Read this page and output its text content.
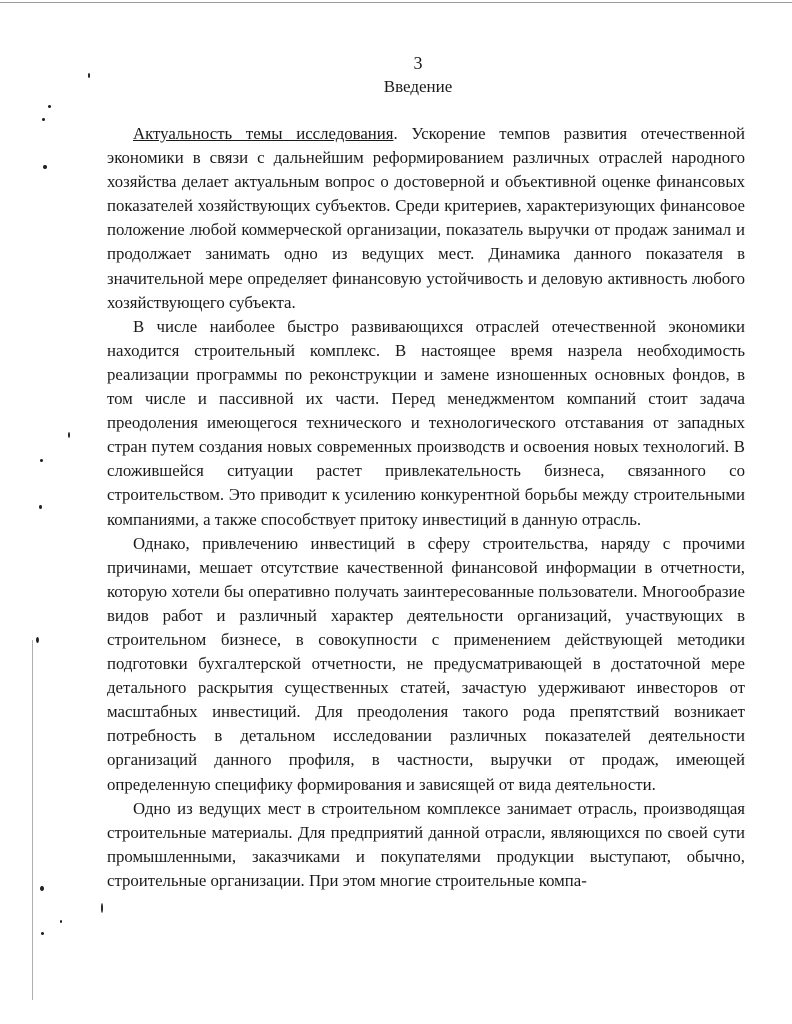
3
Введение

Актуальность темы исследования. Ускорение темпов развития отечественной экономики в связи с дальнейшим реформированием различных отраслей народного хозяйства делает актуальным вопрос о достоверной и объективной оценке финансовых показателей хозяйствующих субъектов. Среди критериев, характеризующих финансовое положение любой коммерческой организации, показатель выручки от продаж занимал и продолжает занимать одно из ведущих мест. Динамика данного показателя в значительной мере определяет финансовую устойчивость и деловую активность любого хозяйствующего субъекта.

В числе наиболее быстро развивающихся отраслей отечественной экономики находится строительный комплекс. В настоящее время назрела необходимость реализации программы по реконструкции и замене изношенных основных фондов, в том числе и пассивной их части. Перед менеджментом компаний стоит задача преодоления имеющегося технического и технологического отставания от западных стран путем создания новых современных производств и освоения новых технологий. В сложившейся ситуации растет привлекательность бизнеса, связанного со строительством. Это приводит к усилению конкурентной борьбы между строительными компаниями, а также способствует притоку инвестиций в данную отрасль.

Однако, привлечению инвестиций в сферу строительства, наряду с прочими причинами, мешает отсутствие качественной финансовой информации в отчетности, которую хотели бы оперативно получать заинтересованные пользователи. Многообразие видов работ и различный характер деятельности организаций, участвующих в строительном бизнесе, в совокупности с применением действующей методики подготовки бухгалтерской отчетности, не предусматривающей в достаточной мере детального раскрытия существенных статей, зачастую удерживают инвесторов от масштабных инвестиций. Для преодоления такого рода препятствий возникает потребность в детальном исследовании различных показателей деятельности организаций данного профиля, в частности, выручки от продаж, имеющей определенную специфику формирования и зависящей от вида деятельности.

Одно из ведущих мест в строительном комплексе занимает отрасль, производящая строительные материалы. Для предприятий данной отрасли, являющихся по своей сути промышленными, заказчиками и покупателями продукции выступают, обычно, строительные организации. При этом многие строительные компа-
